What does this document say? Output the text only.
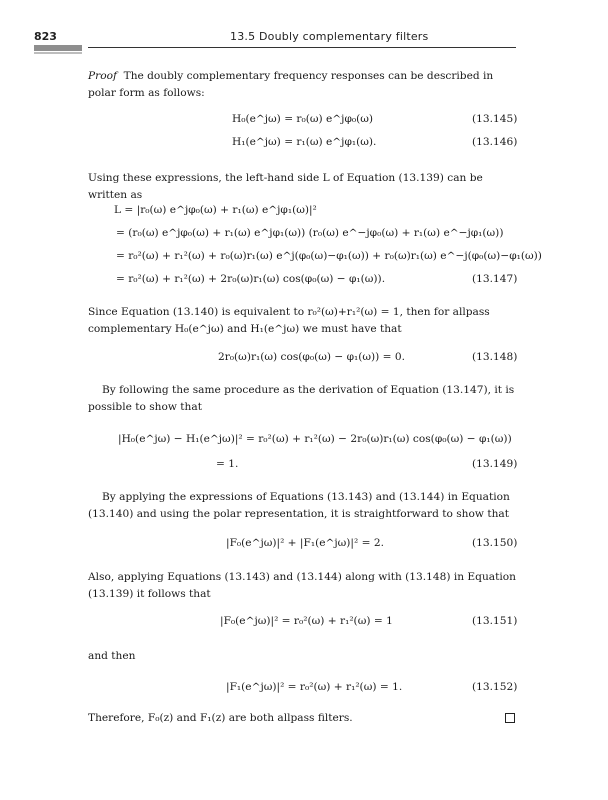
823	13.5 Doubly complementary filters
Proof The doubly complementary frequency responses can be described in polar form as follows:
H₀(e^jω) = r₀(ω) e^jφ₀(ω)	(13.145)
H₁(e^jω) = r₁(ω) e^jφ₁(ω).	(13.146)
Using these expressions, the left-hand side L of Equation (13.139) can be written as
L = |r₀(ω) e^jφ₀(ω) + r₁(ω) e^jφ₁(ω)|²
= (r₀(ω) e^jφ₀(ω) + r₁(ω) e^jφ₁(ω)) (r₀(ω) e^−jφ₀(ω) + r₁(ω) e^−jφ₁(ω))
= r₀²(ω) + r₁²(ω) + r₀(ω)r₁(ω) e^j(φ₀(ω)−φ₁(ω)) + r₀(ω)r₁(ω) e^−j(φ₀(ω)−φ₁(ω))
= r₀²(ω) + r₁²(ω) + 2r₀(ω)r₁(ω) cos(φ₀(ω) − φ₁(ω)).	(13.147)
Since Equation (13.140) is equivalent to r₀²(ω)+r₁²(ω) = 1, then for allpass complementary H₀(e^jω) and H₁(e^jω) we must have that
2r₀(ω)r₁(ω) cos(φ₀(ω) − φ₁(ω)) = 0.	(13.148)
By following the same procedure as the derivation of Equation (13.147), it is possible to show that
|H₀(e^jω) − H₁(e^jω)|² = r₀²(ω) + r₁²(ω) − 2r₀(ω)r₁(ω) cos(φ₀(ω) − φ₁(ω))
= 1.	(13.149)
By applying the expressions of Equations (13.143) and (13.144) in Equation (13.140) and using the polar representation, it is straightforward to show that
|F₀(e^jω)|² + |F₁(e^jω)|² = 2.	(13.150)
Also, applying Equations (13.143) and (13.144) along with (13.148) in Equation (13.139) it follows that
|F₀(e^jω)|² = r₀²(ω) + r₁²(ω) = 1	(13.151)
and then
|F₁(e^jω)|² = r₀²(ω) + r₁²(ω) = 1.	(13.152)
Therefore, F₀(z) and F₁(z) are both allpass filters.
